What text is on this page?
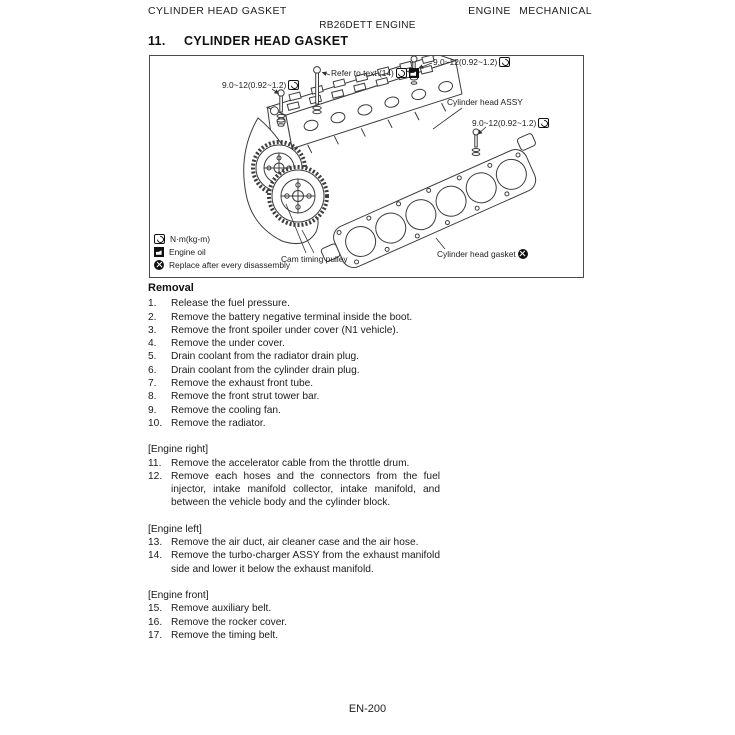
CYLINDER HEAD GASKET	ENGINE MECHANICAL
RB26DETT ENGINE
11. CYLINDER HEAD GASKET
9.0~12(0.92~1.2)
Refer to text (14)
9.0~12(0.92~1.2)
Cylinder head ASSY
9.0~12(0.92~1.2)
Cam timing pulley	Cylinder head gasket
N·m(kg-m)
Engine oil
Replace after every disassembly
Removal
1.	Release the fuel pressure.
2.	Remove the battery negative terminal inside the boot.
3.	Remove the front spoiler under cover (N1 vehicle).
4.	Remove the under cover.
5.	Drain coolant from the radiator drain plug.
6.	Drain coolant from the cylinder drain plug.
7.	Remove the exhaust front tube.
8.	Remove the front strut tower bar.
9.	Remove the cooling fan.
10. Remove the radiator.
[Engine right]
11. Remove the accelerator cable from the throttle drum.
12. Remove each hoses and the connectors from the fuel injector, intake manifold collector, intake manifold, and between the vehicle body and the cylinder block.
[Engine left]
13. Remove the air duct, air cleaner case and the air hose.
14. Remove the turbo-charger ASSY from the exhaust manifold side and lower it below the exhaust manifold.
[Engine front]
15. Remove auxiliary belt.
16. Remove the rocker cover.
17. Remove the timing belt.
EN-200
